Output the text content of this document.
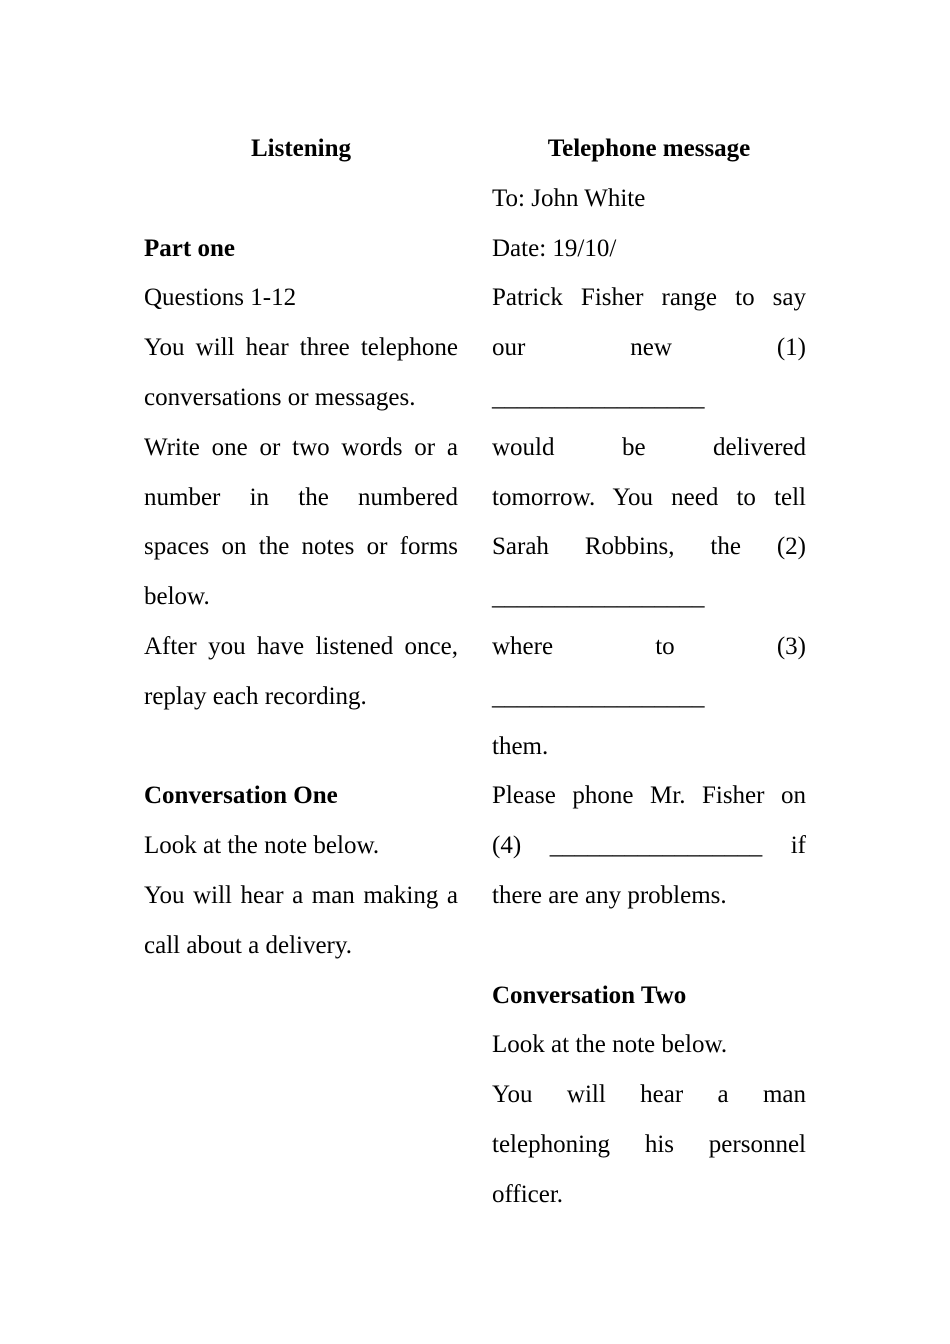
Listening

Part one

Questions 1-12

You will hear three telephone conversations or messages.

Write one or two words or a number in the numbered spaces on the notes or forms below.

After you have listened once, replay each recording.

Conversation One

Look at the note below.

You will hear a man making a call about a delivery.

Telephone message

To: John White

Date: 19/10/

Patrick Fisher range to say

our new (1)

_________________

would be delivered

tomorrow. You need to tell

Sarah Robbins, the (2)

_________________

where to (3)

_________________

them.

Please phone Mr. Fisher on

(4) _________________ if

there are any problems.

Conversation Two

Look at the note below.

You will hear a man telephoning his personnel officer.
